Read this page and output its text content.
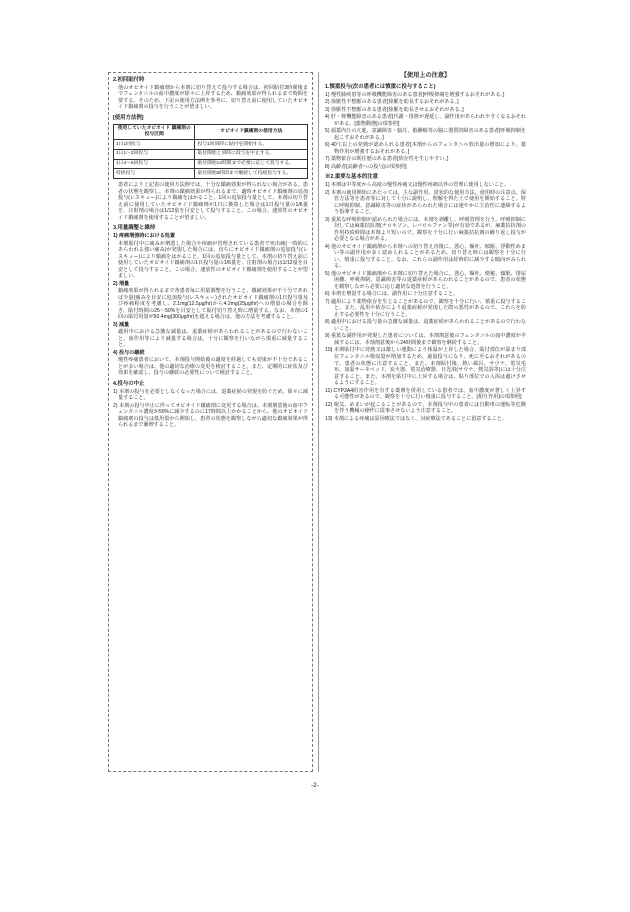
2.初回貼付時

他のオピオイド鎮痛剤から本剤に切り替えて投与する場合は、初回貼付3時間後までフェンタニルの血中濃度が徐々に上昇するため、鎮痛効果が得られるまで時間を要する。そのため、下記の使用方法例を参考に、切り替え前に使用していたオピオイド鎮痛剤の投与を行うことが望ましい。

[使用方法例]
使用していたオピオイド 鎮痛剤の投与区間	オピオイド鎮痛剤の使用方法
1日1回投与	投与1回同時に貼付を開始する。
1日1～3回投与	貼付開始と同時に投与を中止する。
1日4～6回投与	貼付開始12時間まで必要に応じて投与する。
持続投与	貼付開始6時間まで継続して持続投与する。

患者により上記表の使用方法例では、十分な鎮痛効果が得られない場合がある。患者の状態を観察し、本剤の鎮痛効果が得られるまで、適時オピオイド鎮痛剤の追加投与(レスキュー)により鎮痛をはかること。1回の追加投与量として、本剤の切り替え前に使用していたオピオイド鎮痛剤が1日に換算した場合は1日投与量の1/6量を、注射剤の場合は1/12量を目安として投与すること。この場合、速放性のオピオイド鎮痛剤を使用することが望ましい。

3.用量調整と維持

1) 疼痛増強時における処置

本剤貼付中に痛みが増悪した場合や疼痛が管理されている患者で突出痛(一時的にあらわれる強い痛み)が発現した場合には、直ちにオピオイド鎮痛剤の追加投与(レスキュー)により鎮痛をはかること。1回の追加投与量として、本剤の切り替え前に使用していたオピオイド鎮痛剤の1日投与量の1/6量を、注射剤の場合は1/12量を目安として投与すること。この場合、速放性のオピオイド鎮痛剤を使用することが望ましい。

2) 増量

鎮痛効果が得られるまで各患者毎に用量調整を行うこと。鎮痛効果が不十分であれば少量(痛みを目安に追加投与(レスキュー)されたオピオイド鎮痛剤の1日投与量及び疼痛程度を考慮し、2.1mg(12.5μg/hr)から4.2mg(25μg/hr)への増量の場合を除き、貼付時間の25～50%を目安として貼付切り替え時に増量する。なお、本剤の1回の貼付用量が50.4mg(300μg/hr)を超える場合は、他の方法を考慮すること。

3) 減量

適用中における急激な減量は、退薬症候があらわれることがあるので行わないこと。血作用等により減量する場合は、十分に観察を行いながら慎重に減量すること。

4) 投与の継続

慢性疼痛患者において、本剤投与開始後の適度を経過しても効果が不十分であることが多い場合は、他の適切な治療の変更を検討すること。また、定期的に症状及び効果を確認し、投与の継続の必要性について検討すること。

4.投与の中止

1) 本剤の投与を必要としなくなった場合には、退薬症候の発現を防ぐため、徐々に減量すること。

2) 本剤の投与中止に伴ってオピオイド鎮痛剤に変更する場合は、本剤剤意後の血中フェンタニル濃度が50%に減少するのに17時間以上かかることから、他のオピオイド鎮痛剤の投与は低用量から開始し、患者の状態を観察しながら適切な鎮痛効果が得られるまで漸増すること。

【使用上の注意】
1.慎重投与(次の患者には慎重に投与すること)

1) 慢性肺疾患等の呼吸機能障害のある患者[呼吸抑制を増強するおそれがある。]

2) 徐脈性不整脈のある患者[徐脈を助長するおそれがある。]

3) 徐脈性不整脈のある患者[徐脈を助長させるおそれがある。]

4) 肝・腎機能障害のある患者[代謝・排泄が遅延し、副作用があらわれやすくなるおそれがある。[薬物動態]の項参照]

5) 頭蓋内圧の亢進、意識障害・脳圧、脳腫瘍等の脳に器質的障害のある患者[呼吸抑制を起こすおそれがある。]

6) 40℃以上の発熱が認められる患者[本剤からのフェンタニル放出量の増加により、薬物作用が増強するおそれがある。]

7) 薬物依存の既往歴のある患者[依存性を生じやすい。]

8) 高齢者[高齢者への投与]の項参照]

※2.重要な基本的注意

1) 本剤は中等度から高度の慢性疼痛又は慢性疼痛以外の管理に使用しないこと。

2) 本剤の使用開始にあたっては、主な副作用、貧状的な使用方法、使用時の注意点、保管方法等を患者等に対して十分に説明し、理解を得た上で使用を開始すること。特に呼吸抑制、意識障害等の症状があらわれた場合には速やかに主治医に連絡するよう指導すること。

3) 重篤な呼吸抑制が認められた場合には、本剤を剥離し、呼吸管理を行う。呼吸抑制に対しては麻薬拮抗剤(ナロキソン、レバロルファン等)が有効であるが、麻薬拮抗剤の作用持続時間は本剤より短いので、観察を十分に行い麻薬拮抗剤の繰り返し投与が必要となる場合がある。

4) 他のオピオイド鎮痛剤から本剤への切り替え直後に、悪心、嘔吐、傾眠、浮動性めまい等の副作用が多く認められることがあるため、切り替え時には観察を十分に行い、慎重に投与すること。なお、これらの副作用は経時的に減少する傾向がみられる。

5) 他のオピオイド鎮痛剤から本剤に切り替えた場合に、悪心、嘔吐、便秘、傾眠、排尿困難、呼吸抑制、意識障害等の退薬症候があらわれることがあるので、患者の状態を観察しながら必要に応じ適切な処置を行うこと。

6) 本剤を増量する場合には、副作用に十分注意すること。

7) 適用により薬物依存を生じることがあるので、観察を十分に行い、慎重に投与すること。また、乱用や依存により退薬症候が発現した際の悪性があるので、これらを防止する必要性を十分に行うこと。

8) 適用中における投与量の急激な減量は、退薬症候があらわれることがあるので行わないこと。

9) 重篤な副作用が発現した患者については、本剤剤意後のフェンタニルの血中濃度が半減するには、本剤剤意後から24時間後まで観察を継続すること。

10) 本剤貼付中に発熱又は激しい運動により体温が上昇した場合、貼付部位が温まり部位フェンタニル吸収量が増加するため、過量投与になり、死に至るおそれがあるので、患者の状態に注意すること。また、本剤貼付後、熱い風呂、サウナ、電気毛布、加温サーモベッド、炭火器、電気治療器、日光浴(サウナ、熱気浴等)には十分注意すること。また、本剤を貼付中に上昇する場合は、貼り部位での入浴は避けさせるようにすること。

11) CYP3A4阻害作用を有する薬剤を併用している患者では、血中濃度が著しく上昇する可能性があるので、観察を十分に行い慎重に投与すること。[相互作用]の項参照]

12) 眠気、めまいが起こることがあるので、本剤投与中の患者には自動車の運転等危険を伴う機械の操作に従事させないよう注意すること。

13) 本剤による疼痛は原因療法ではなく、対症療法であることに留意すること。

-2-
